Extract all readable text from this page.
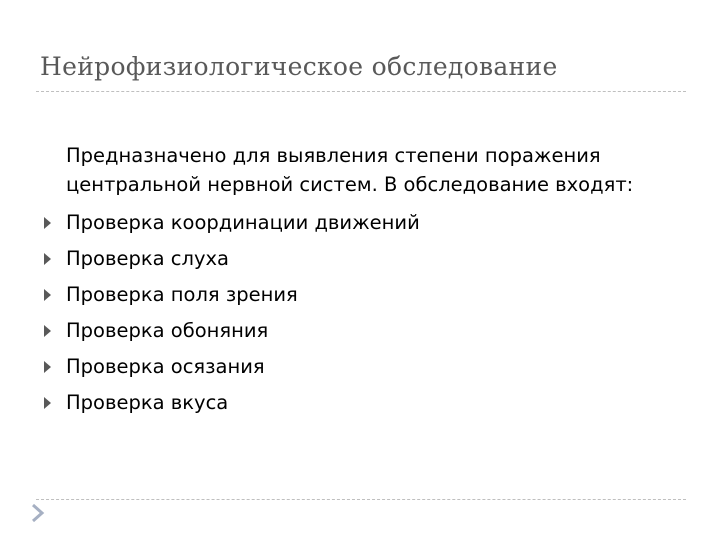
Нейрофизиологическое обследование
Предназначено для выявления степени поражения
центральной нервной систем. В обследование входят:
Проверка координации движений
Проверка слуха
Проверка поля зрения
Проверка обоняния
Проверка осязания
Проверка вкуса
